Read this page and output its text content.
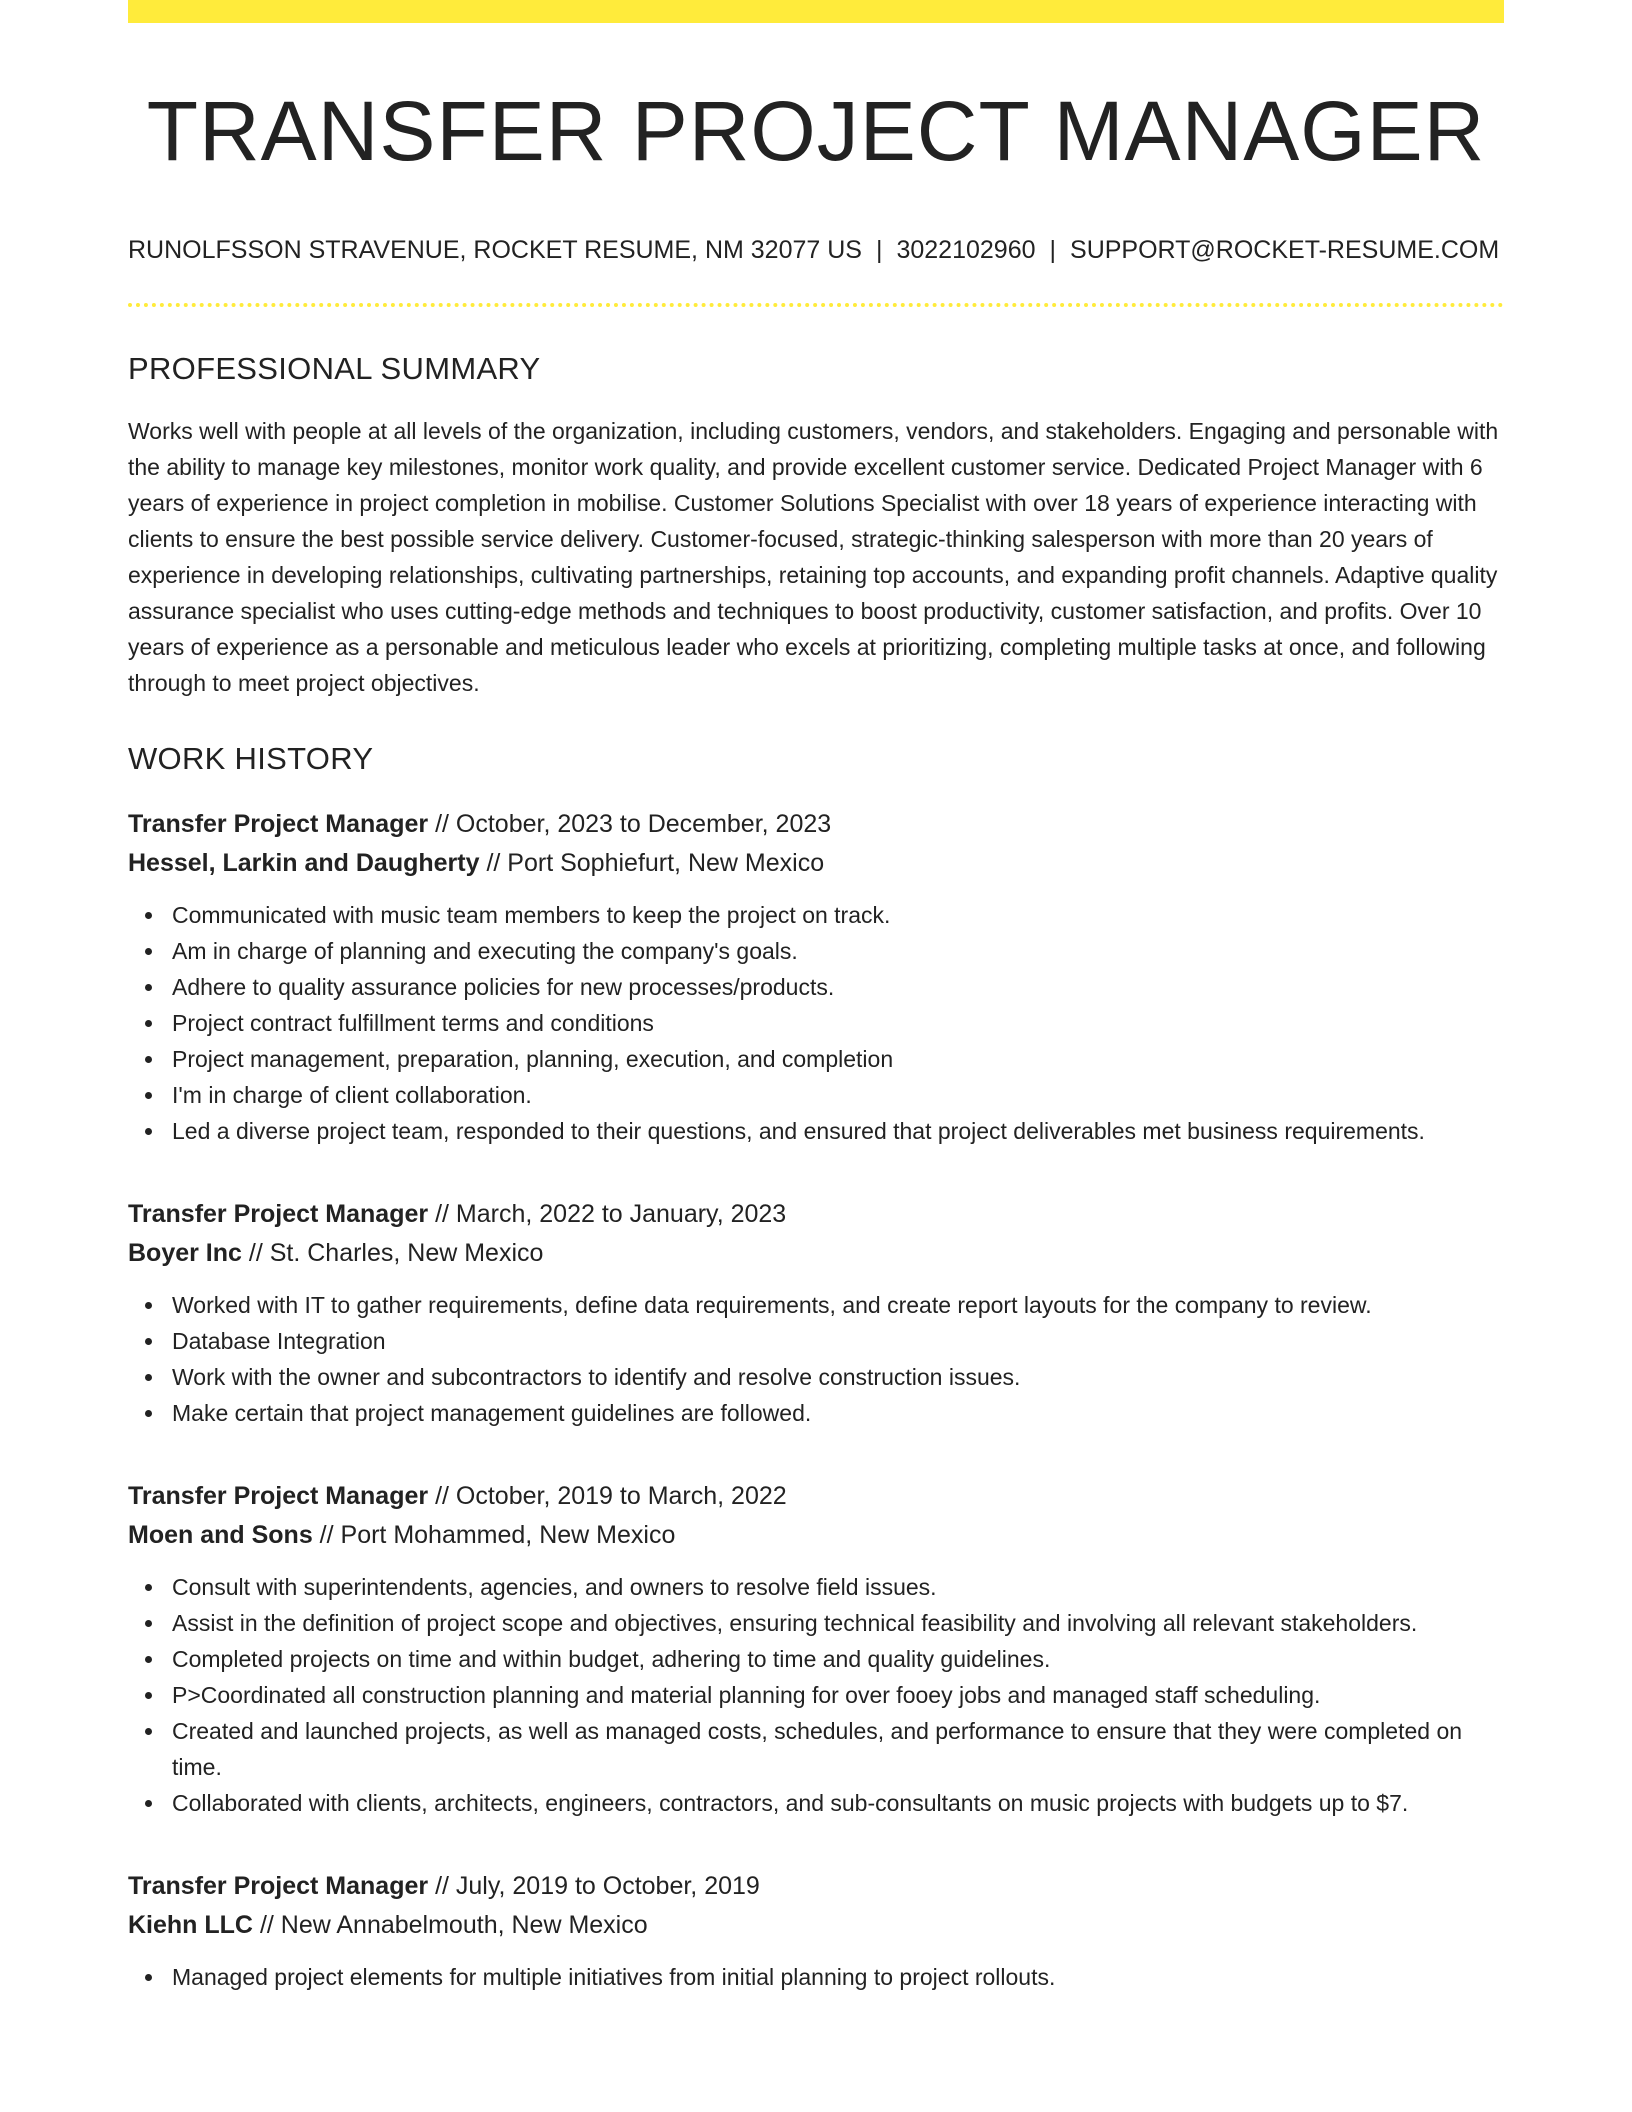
TRANSFER PROJECT MANAGER
RUNOLFSSON STRAVENUE, ROCKET RESUME, NM 32077 US | 3022102960 | SUPPORT@ROCKET-RESUME.COM
PROFESSIONAL SUMMARY

Works well with people at all levels of the organization, including customers, vendors, and stakeholders. Engaging and personable with the ability to manage key milestones, monitor work quality, and provide excellent customer service. Dedicated Project Manager with 6 years of experience in project completion in mobilise. Customer Solutions Specialist with over 18 years of experience interacting with clients to ensure the best possible service delivery. Customer-focused, strategic-thinking salesperson with more than 20 years of experience in developing relationships, cultivating partnerships, retaining top accounts, and expanding profit channels. Adaptive quality assurance specialist who uses cutting-edge methods and techniques to boost productivity, customer satisfaction, and profits. Over 10 years of experience as a personable and meticulous leader who excels at prioritizing, completing multiple tasks at once, and following through to meet project objectives.

WORK HISTORY
Transfer Project Manager // October, 2023 to December, 2023
Hessel, Larkin and Daugherty // Port Sophiefurt, New Mexico
Communicated with music team members to keep the project on track.
Am in charge of planning and executing the company's goals.
Adhere to quality assurance policies for new processes/products.
Project contract fulfillment terms and conditions
Project management, preparation, planning, execution, and completion
I'm in charge of client collaboration.
Led a diverse project team, responded to their questions, and ensured that project deliverables met business requirements.
Transfer Project Manager // March, 2022 to January, 2023
Boyer Inc // St. Charles, New Mexico
Worked with IT to gather requirements, define data requirements, and create report layouts for the company to review.
Database Integration
Work with the owner and subcontractors to identify and resolve construction issues.
Make certain that project management guidelines are followed.
Transfer Project Manager // October, 2019 to March, 2022
Moen and Sons // Port Mohammed, New Mexico
Consult with superintendents, agencies, and owners to resolve field issues.
Assist in the definition of project scope and objectives, ensuring technical feasibility and involving all relevant stakeholders.
Completed projects on time and within budget, adhering to time and quality guidelines.
P>Coordinated all construction planning and material planning for over fooey jobs and managed staff scheduling.
Created and launched projects, as well as managed costs, schedules, and performance to ensure that they were completed on time.
Collaborated with clients, architects, engineers, contractors, and sub-consultants on music projects with budgets up to $7.
Transfer Project Manager // July, 2019 to October, 2019
Kiehn LLC // New Annabelmouth, New Mexico
Managed project elements for multiple initiatives from initial planning to project rollouts.
